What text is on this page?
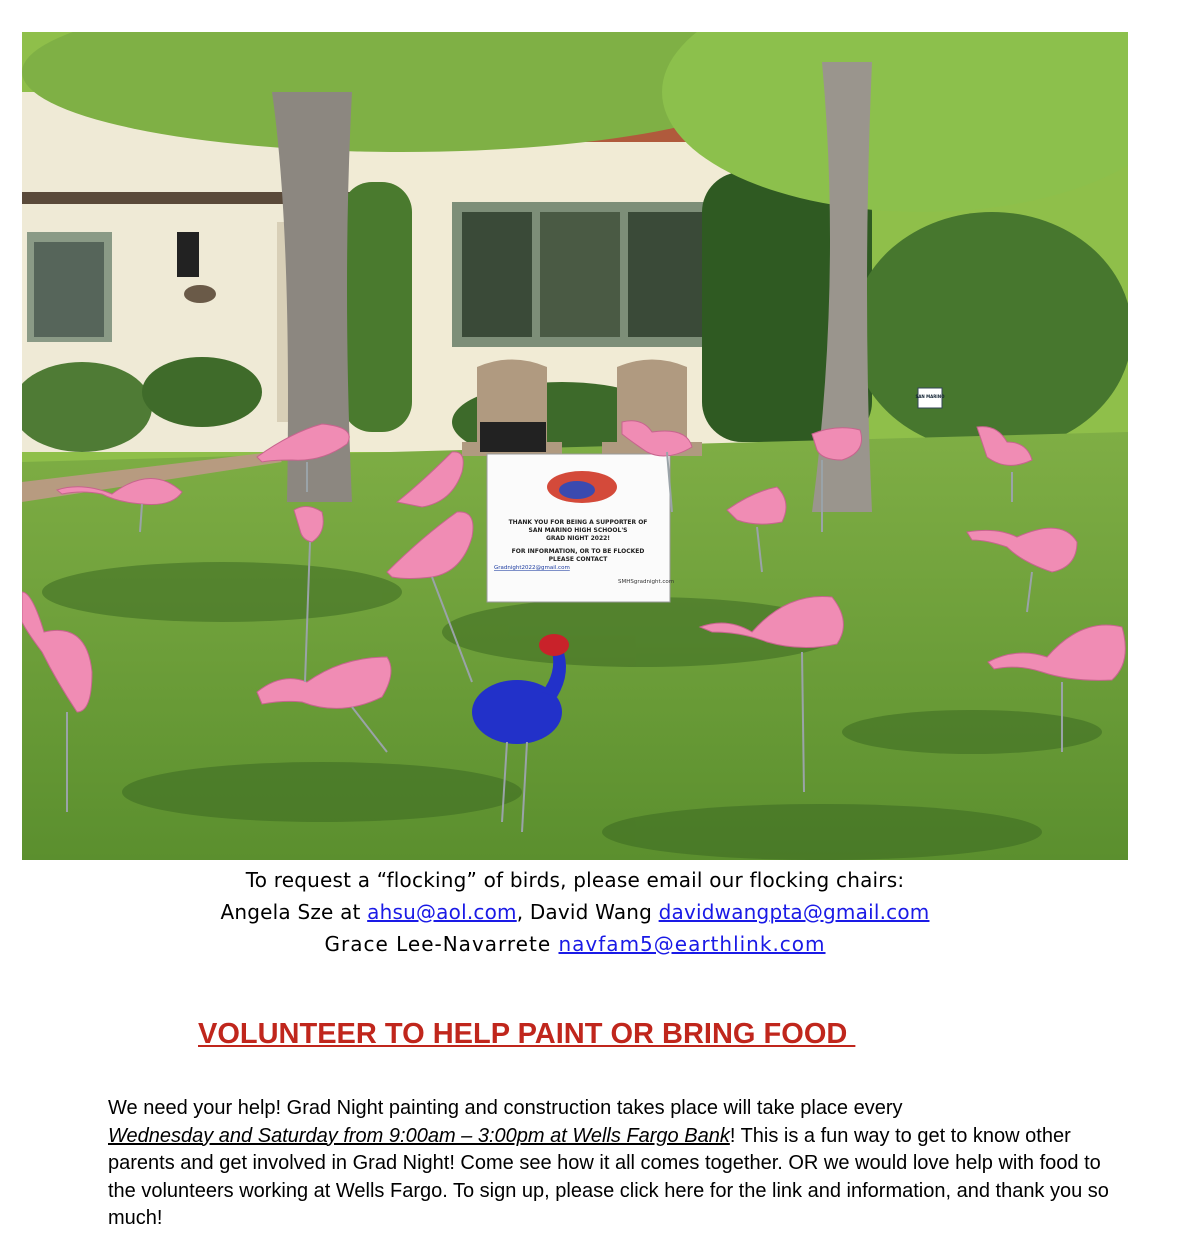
THANK YOU FOR BEING A SUPPORTER OF
SAN MARINO HIGH SCHOOL'S
GRAD NIGHT 2022!
FOR INFORMATION, OR TO BE FLOCKED
PLEASE CONTACT
Gradnight2022@gmail.com
SMHSgradnight.com
SAN MARINO
To request a “flocking” of birds, please email our flocking chairs:
Angela Sze at ahsu@aol.com, David Wang davidwangpta@gmail.com
Grace Lee-Navarrete navfam5@earthlink.com
VOLUNTEER TO HELP PAINT OR BRING FOOD

We need your help! Grad Night painting and construction takes place will take place every
Wednesday and Saturday from 9:00am – 3:00pm at Wells Fargo Bank! This is a fun way to get to know other parents and get involved in Grad Night! Come see how it all comes together. OR we would love help with food to the volunteers working at Wells Fargo. To sign up, please click here for the link and information, and thank you so much!
